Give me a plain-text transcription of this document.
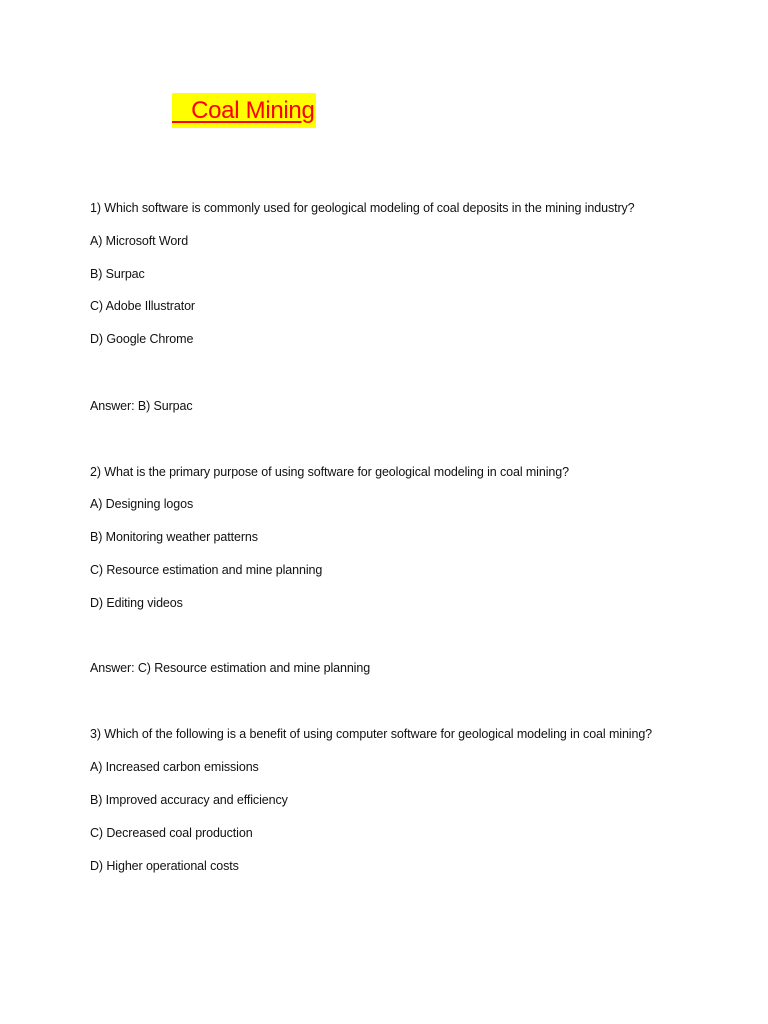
Coal Mining
1) Which software is commonly used for geological modeling of coal deposits in the mining industry?
A) Microsoft Word
B) Surpac
C) Adobe Illustrator
D) Google Chrome
Answer: B) Surpac
2) What is the primary purpose of using software for geological modeling in coal mining?
A) Designing logos
B) Monitoring weather patterns
C) Resource estimation and mine planning
D) Editing videos
Answer: C) Resource estimation and mine planning
3) Which of the following is a benefit of using computer software for geological modeling in coal mining?
A) Increased carbon emissions
B) Improved accuracy and efficiency
C) Decreased coal production
D) Higher operational costs
